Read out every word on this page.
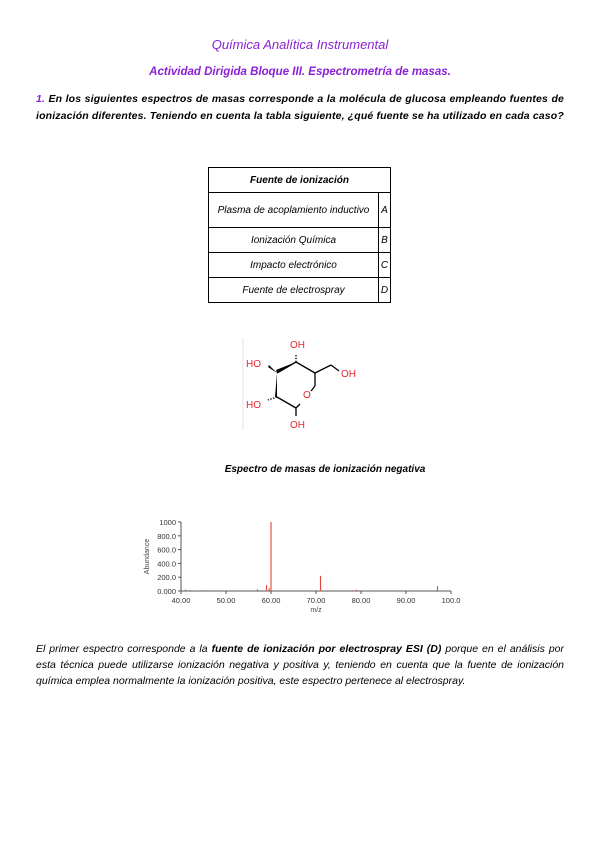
Química Analítica Instrumental
Actividad Dirigida Bloque III. Espectrometría de masas.
1. En los siguientes espectros de masas corresponde a la molécula de glucosa empleando fuentes de ionización diferentes. Teniendo en cuenta la tabla siguiente, ¿qué fuente se ha utilizado en cada caso?
Fuente de ionización	
Plasma de acoplamiento inductivo	A
Ionización Química	B
Impacto electrónico	C
Fuente de electrospray	D
OH
HO
OH
HO
O
OH
Espectro de masas de ionización negativa
0.000
200.0
400.0
600.0
800.0
1000
40.00	50.00	60.00	70.00	80.00	90.00	100.0
m/z
Abundance
El primer espectro corresponde a la fuente de ionización por electrospray ESI (D) porque en el análisis por esta técnica puede utilizarse ionización negativa y positiva y, teniendo en cuenta que la fuente de ionización química emplea normalmente la ionización positiva, este espectro pertenece al electrospray.
